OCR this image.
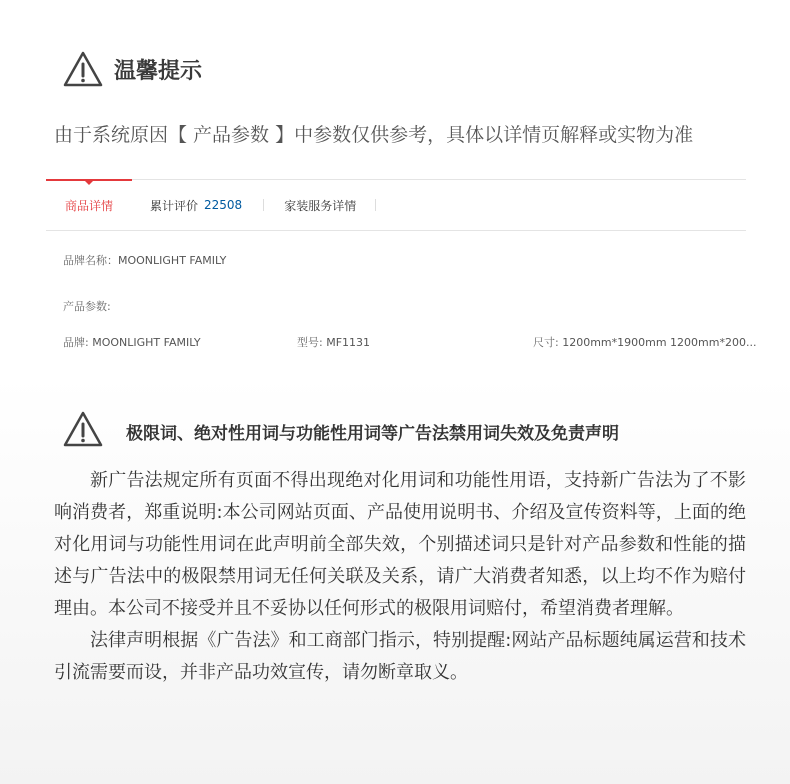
温馨提示
由于系统原因【 产品参数 】中参数仅供参考，具体以详情页解释或实物为准
商品详情	累计评价 22508	家装服务详情
品牌名称：MOONLIGHT FAMILY
产品参数:
品牌: MOONLIGHT FAMILY	型号: MF1131	尺寸: 1200mm*1900mm 1200mm*200...
极限词、绝对性用词与功能性用词等广告法禁用词失效及免责声明

新广告法规定所有页面不得出现绝对化用词和功能性用语，支持新广告法为了不影响消费者，郑重说明:本公司网站页面、产品使用说明书、介绍及宣传资料等，上面的绝对化用词与功能性用词在此声明前全部失效，个别描述词只是针对产品参数和性能的描述与广告法中的极限禁用词无任何关联及关系，请广大消费者知悉，以上均不作为赔付理由。本公司不接受并且不妥协以任何形式的极限用词赔付，希望消费者理解。

法律声明根据《广告法》和工商部门指示，特别提醒:网站产品标题纯属运营和技术引流需要而设，并非产品功效宣传，请勿断章取义。
